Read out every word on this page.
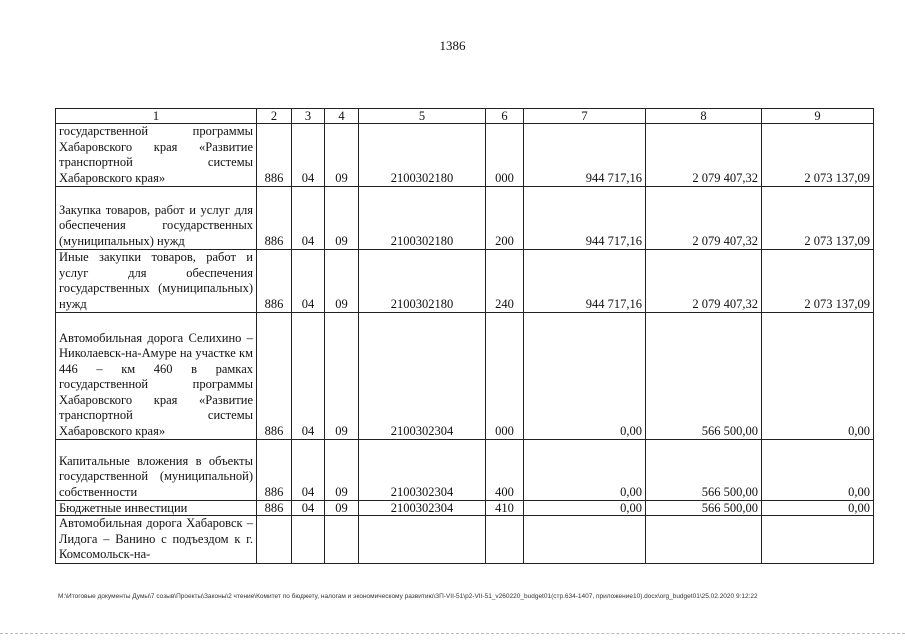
1386
1	2	3	4	5	6	7	8	9
государственной программы Хабаровского края «Развитие транспортной системы Хабаровского края»	886	04	09	2100302180	000	944 717,16	2 079 407,32	2 073 137,09
Закупка товаров, работ и услуг для обеспечения государственных (муниципальных) нужд	886	04	09	2100302180	200	944 717,16	2 079 407,32	2 073 137,09
Иные закупки товаров, работ и услуг для обеспечения государственных (муниципальных) нужд	886	04	09	2100302180	240	944 717,16	2 079 407,32	2 073 137,09
Автомобильная дорога Селихино – Николаевск-на-Амуре на участке км 446 – км 460 в рамках государственной программы Хабаровского края «Развитие транспортной системы Хабаровского края»	886	04	09	2100302304	000	0,00	566 500,00	0,00
Капитальные вложения в объекты государственной (муниципальной) собственности	886	04	09	2100302304	400	0,00	566 500,00	0,00
Бюджетные инвестиции	886	04	09	2100302304	410	0,00	566 500,00	0,00
Автомобильная дорога Хабаровск – Лидога – Ванино с подъездом к г. Комсомольск-на-								
M:\Итоговые документы Думы\7 созыв\Проекты\Законы\2 чтение\Комитет по бюджету, налогам и экономическому развитию\ЗП-VII-51\р2-VII-51_v260220_budget01(стр.634-1407, приложение10).docx\org_budget01\25.02.2020 9:12:22
